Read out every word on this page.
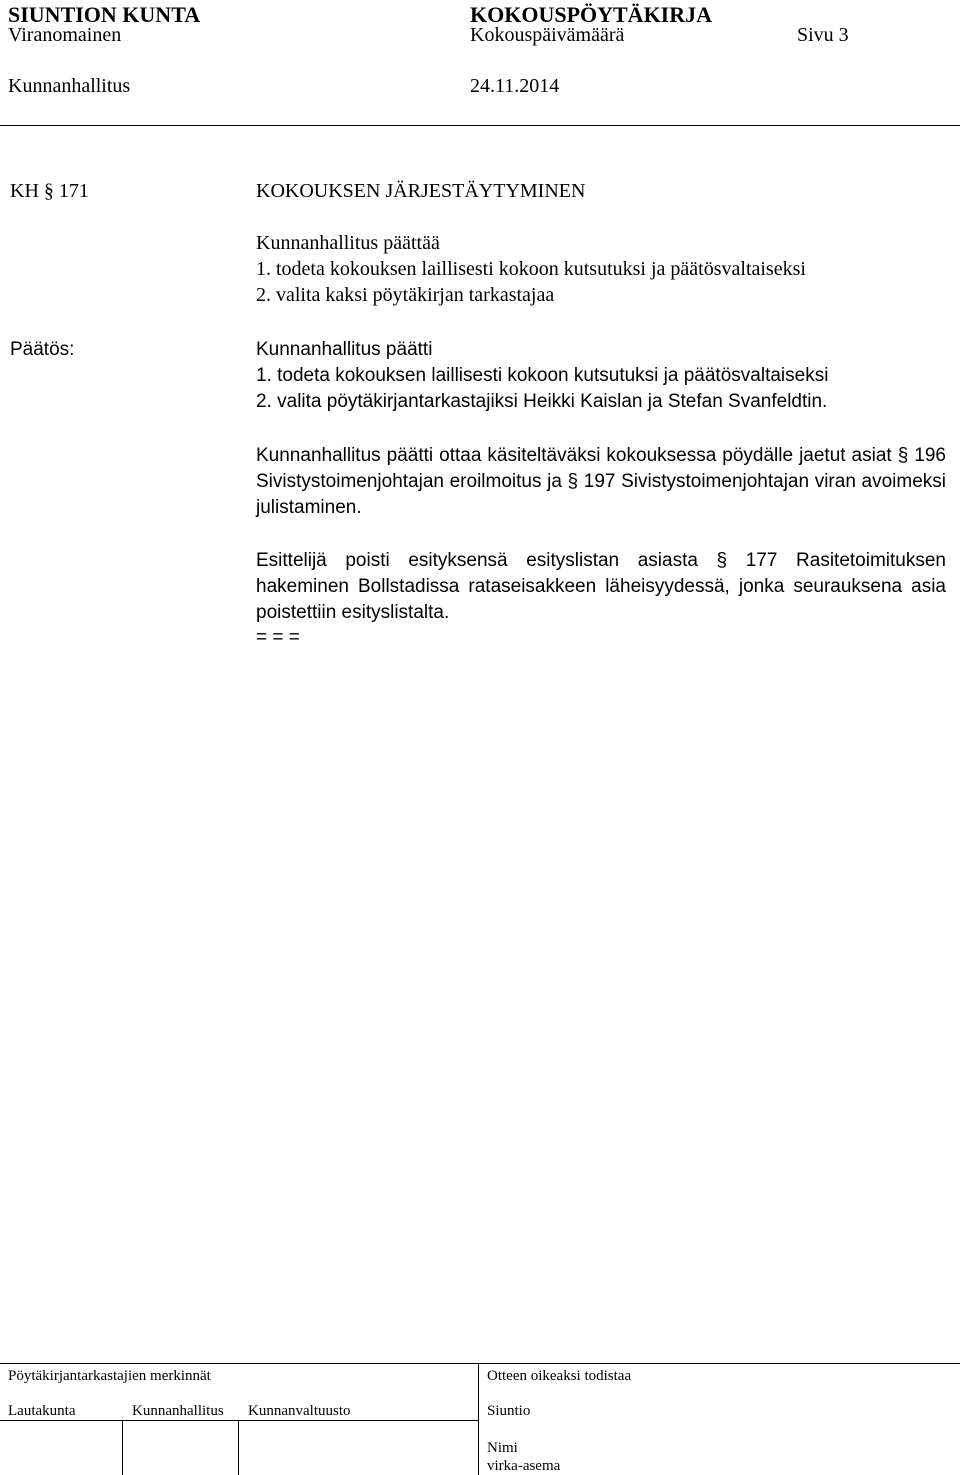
SIUNTION KUNTA	KOKOUSPÖYTÄKIRJA
Viranomainen	Kokouspäivämäärä	Sivu 3
Kunnanhallitus	24.11.2014
KH § 171	KOKOUKSEN JÄRJESTÄYTYMINEN
Kunnanhallitus päättää
1. todeta kokouksen laillisesti kokoon kutsutuksi ja päätösvaltaiseksi
2. valita kaksi pöytäkirjan tarkastajaa
Päätös:	Kunnanhallitus päätti
1. todeta kokouksen laillisesti kokoon kutsutuksi ja päätösvaltaiseksi
2. valita pöytäkirjantarkastajiksi Heikki Kaislan ja Stefan Svanfeldtin.
Kunnanhallitus päätti ottaa käsiteltäväksi kokouksessa pöydälle jaetut asiat § 196 Sivistystoimenjohtajan eroilmoitus ja § 197 Sivistystoimenjohtajan viran avoimeksi julistaminen.
Esittelijä poisti esityksensä esityslistan asiasta § 177 Rasitetoimituksen hakeminen Bollstadissa rataseisakkeen läheisyydessä, jonka seurauksena asia poistettiin esityslistalta.
= = =
Pöytäkirjantarkastajien merkinnät	Otteen oikeaksi todistaa
Lautakunta	Kunnanhallitus Kunnanvaltuusto	Siuntio
Nimi
virka-asema
